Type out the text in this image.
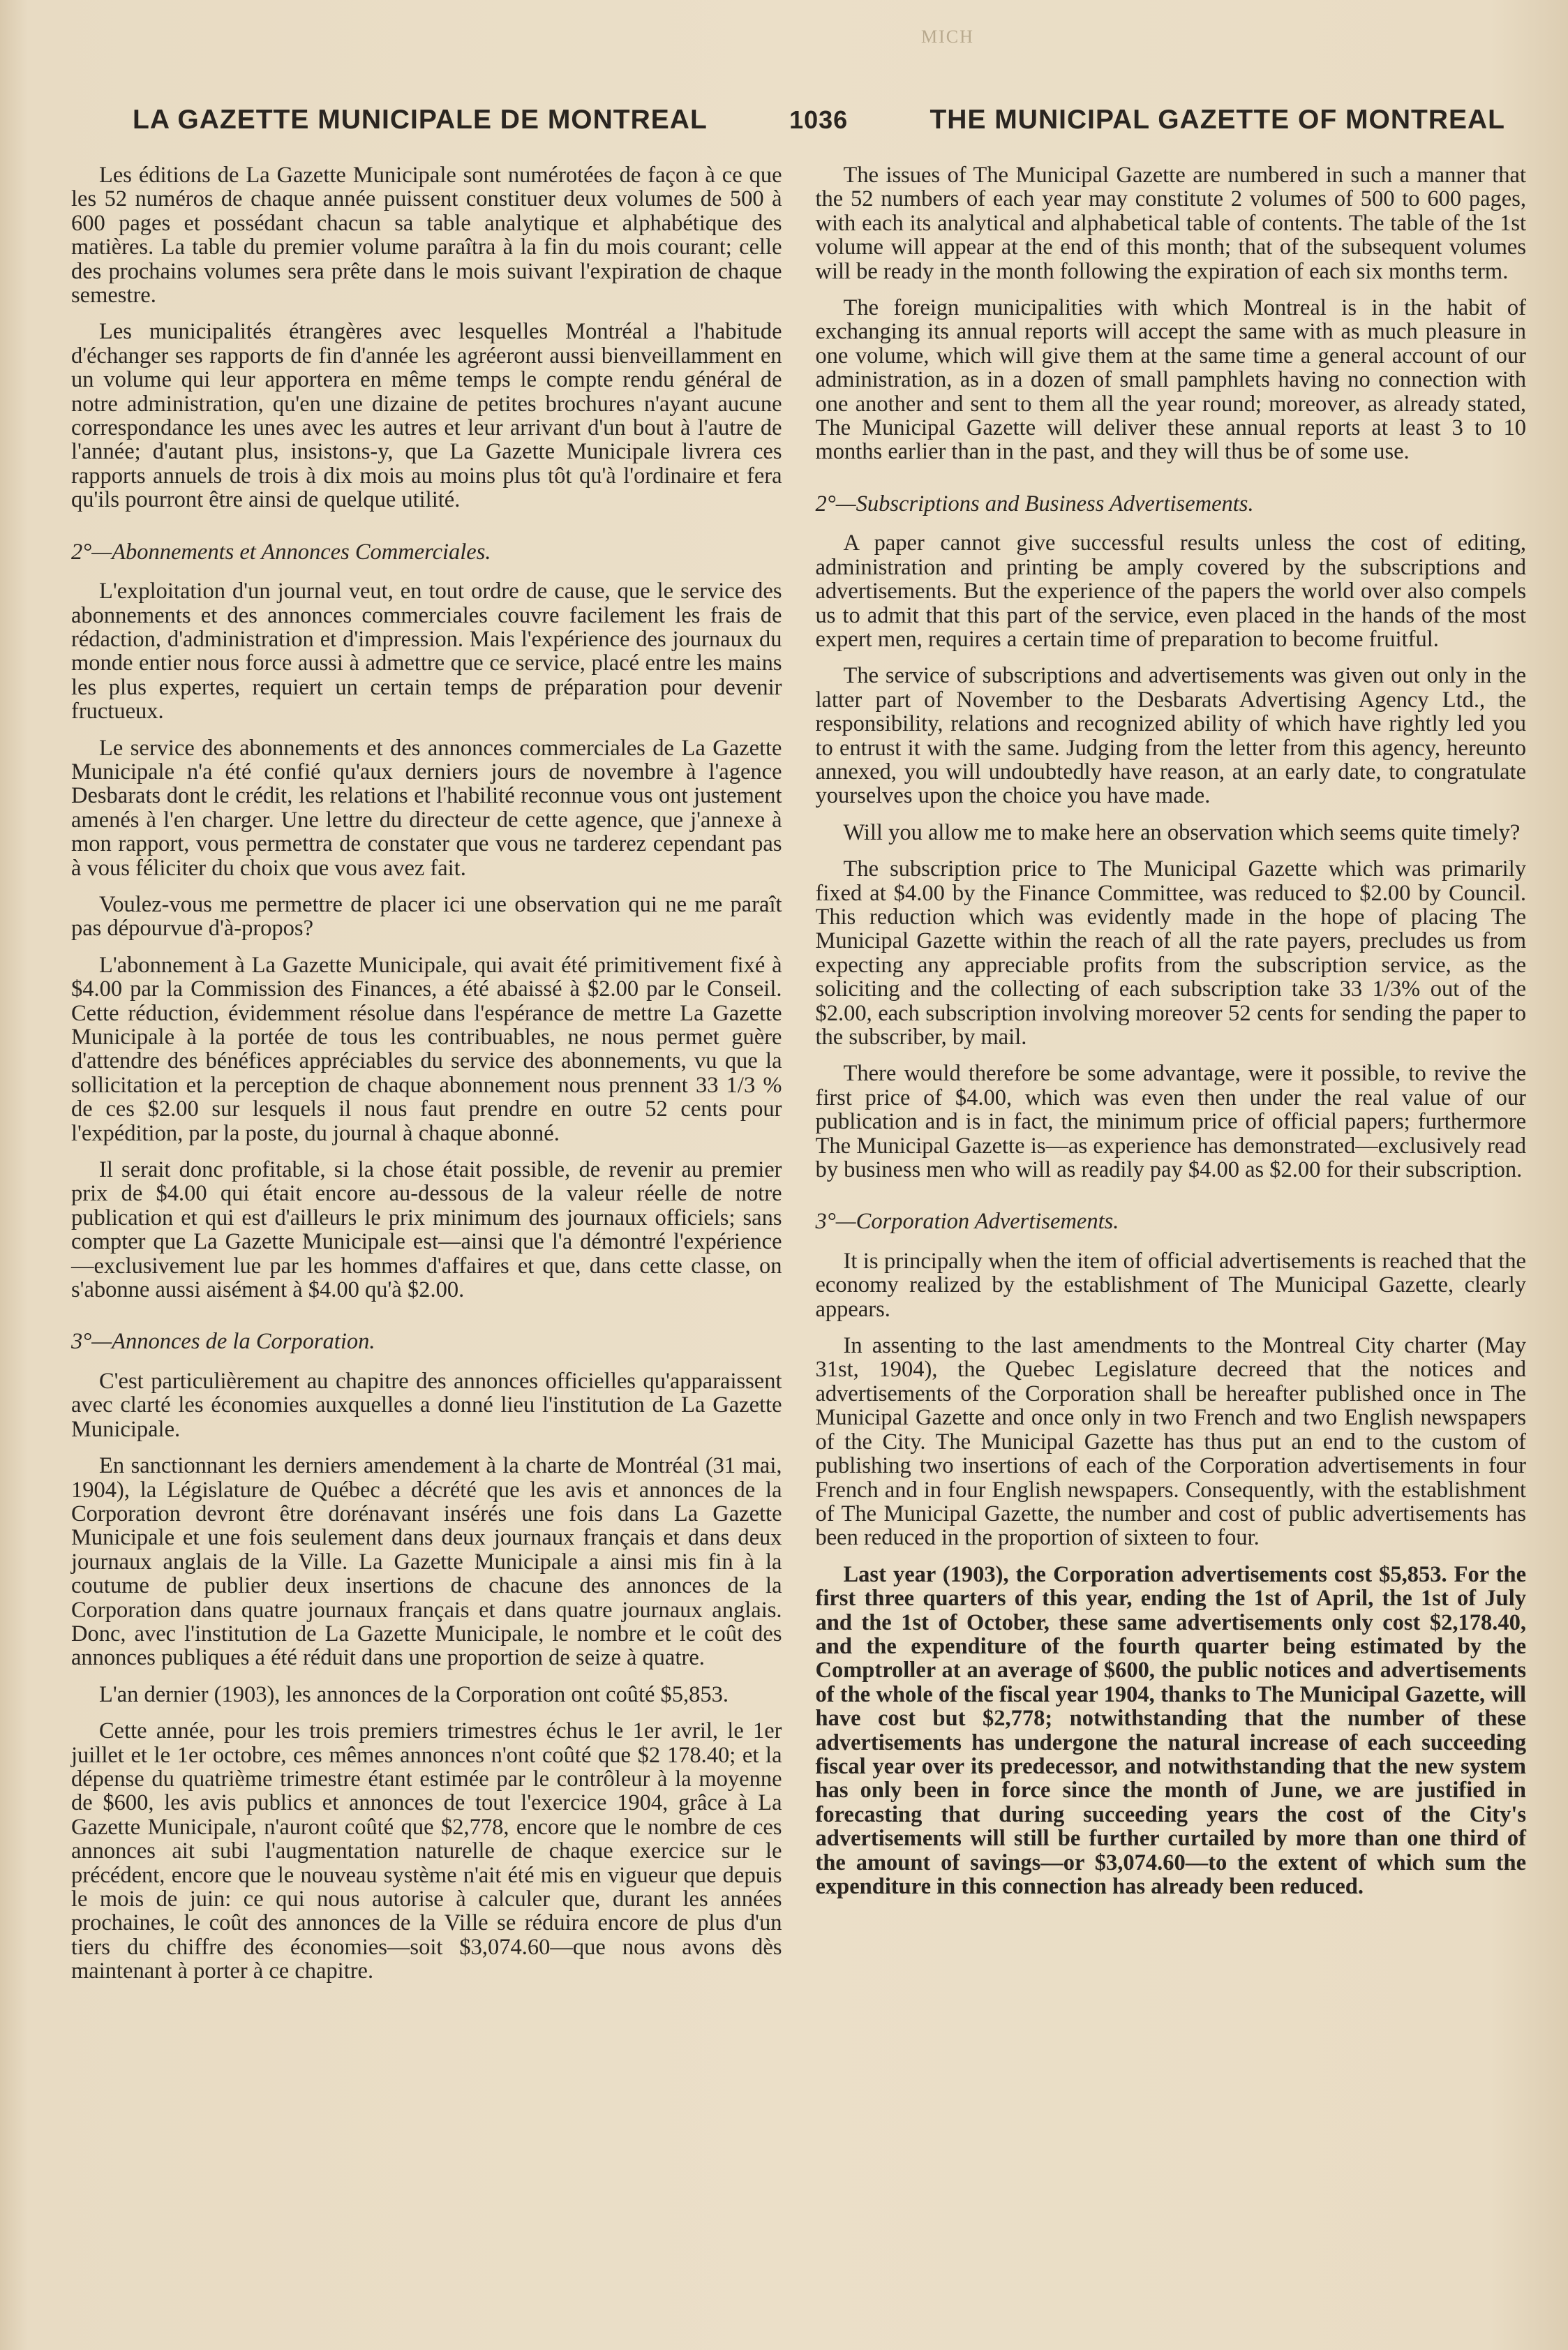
MICH
LA GAZETTE MUNICIPALE DE MONTREAL	1036	THE MUNICIPAL GAZETTE OF MONTREAL

Les éditions de La Gazette Municipale sont numérotées de façon à ce que les 52 numéros de chaque année puissent constituer deux volumes de 500 à 600 pages et possédant chacun sa table analytique et alphabétique des matières. La table du premier volume paraîtra à la fin du mois courant; celle des prochains volumes sera prête dans le mois suivant l'expiration de chaque semestre.

Les municipalités étrangères avec lesquelles Montréal a l'habitude d'échanger ses rapports de fin d'année les agréeront aussi bienveillamment en un volume qui leur apportera en même temps le compte rendu général de notre administration, qu'en une dizaine de petites brochures n'ayant aucune correspondance les unes avec les autres et leur arrivant d'un bout à l'autre de l'année; d'autant plus, insistons-y, que La Gazette Municipale livrera ces rapports annuels de trois à dix mois au moins plus tôt qu'à l'ordinaire et fera qu'ils pourront être ainsi de quelque utilité.

2°—Abonnements et Annonces Commerciales.

L'exploitation d'un journal veut, en tout ordre de cause, que le service des abonnements et des annonces commerciales couvre facilement les frais de rédaction, d'administration et d'impression. Mais l'expérience des journaux du monde entier nous force aussi à admettre que ce service, placé entre les mains les plus expertes, requiert un certain temps de préparation pour devenir fructueux.

Le service des abonnements et des annonces commerciales de La Gazette Municipale n'a été confié qu'aux derniers jours de novembre à l'agence Desbarats dont le crédit, les relations et l'habilité reconnue vous ont justement amenés à l'en charger. Une lettre du directeur de cette agence, que j'annexe à mon rapport, vous permettra de constater que vous ne tarderez cependant pas à vous féliciter du choix que vous avez fait.

Voulez-vous me permettre de placer ici une observation qui ne me paraît pas dépourvue d'à-propos?

L'abonnement à La Gazette Municipale, qui avait été primitivement fixé à $4.00 par la Commission des Finances, a été abaissé à $2.00 par le Conseil. Cette réduction, évidemment résolue dans l'espérance de mettre La Gazette Municipale à la portée de tous les contribuables, ne nous permet guère d'attendre des bénéfices appréciables du service des abonnements, vu que la sollicitation et la perception de chaque abonnement nous prennent 33 1/3 % de ces $2.00 sur lesquels il nous faut prendre en outre 52 cents pour l'expédition, par la poste, du journal à chaque abonné.

Il serait donc profitable, si la chose était possible, de revenir au premier prix de $4.00 qui était encore au-dessous de la valeur réelle de notre publication et qui est d'ailleurs le prix minimum des journaux officiels; sans compter que La Gazette Municipale est—ainsi que l'a démontré l'expérience—exclusivement lue par les hommes d'affaires et que, dans cette classe, on s'abonne aussi aisément à $4.00 qu'à $2.00.

3°—Annonces de la Corporation.

C'est particulièrement au chapitre des annonces officielles qu'apparaissent avec clarté les économies auxquelles a donné lieu l'institution de La Gazette Municipale.

En sanctionnant les derniers amendement à la charte de Montréal (31 mai, 1904), la Législature de Québec a décrété que les avis et annonces de la Corporation devront être dorénavant insérés une fois dans La Gazette Municipale et une fois seulement dans deux journaux français et dans deux journaux anglais de la Ville. La Gazette Municipale a ainsi mis fin à la coutume de publier deux insertions de chacune des annonces de la Corporation dans quatre journaux français et dans quatre journaux anglais. Donc, avec l'institution de La Gazette Municipale, le nombre et le coût des annonces publiques a été réduit dans une proportion de seize à quatre.

L'an dernier (1903), les annonces de la Corporation ont coûté $5,853.

Cette année, pour les trois premiers trimestres échus le 1er avril, le 1er juillet et le 1er octobre, ces mêmes annonces n'ont coûté que $2 178.40; et la dépense du quatrième trimestre étant estimée par le contrôleur à la moyenne de $600, les avis publics et annonces de tout l'exercice 1904, grâce à La Gazette Municipale, n'auront coûté que $2,778, encore que le nombre de ces annonces ait subi l'augmentation naturelle de chaque exercice sur le précédent, encore que le nouveau système n'ait été mis en vigueur que depuis le mois de juin: ce qui nous autorise à calculer que, durant les années prochaines, le coût des annonces de la Ville se réduira encore de plus d'un tiers du chiffre des économies—soit $3,074.60—que nous avons dès maintenant à porter à ce chapitre.

The issues of The Municipal Gazette are numbered in such a manner that the 52 numbers of each year may constitute 2 volumes of 500 to 600 pages, with each its analytical and alphabetical table of contents. The table of the 1st volume will appear at the end of this month; that of the subsequent volumes will be ready in the month following the expiration of each six months term.

The foreign municipalities with which Montreal is in the habit of exchanging its annual reports will accept the same with as much pleasure in one volume, which will give them at the same time a general account of our administration, as in a dozen of small pamphlets having no connection with one another and sent to them all the year round; moreover, as already stated, The Municipal Gazette will deliver these annual reports at least 3 to 10 months earlier than in the past, and they will thus be of some use.

2°—Subscriptions and Business Advertisements.

A paper cannot give successful results unless the cost of editing, administration and printing be amply covered by the subscriptions and advertisements. But the experience of the papers the world over also compels us to admit that this part of the service, even placed in the hands of the most expert men, requires a certain time of preparation to become fruitful.

The service of subscriptions and advertisements was given out only in the latter part of November to the Desbarats Advertising Agency Ltd., the responsibility, relations and recognized ability of which have rightly led you to entrust it with the same. Judging from the letter from this agency, hereunto annexed, you will undoubtedly have reason, at an early date, to congratulate yourselves upon the choice you have made.

Will you allow me to make here an observation which seems quite timely?

The subscription price to The Municipal Gazette which was primarily fixed at $4.00 by the Finance Committee, was reduced to $2.00 by Council. This reduction which was evidently made in the hope of placing The Municipal Gazette within the reach of all the rate payers, precludes us from expecting any appreciable profits from the subscription service, as the soliciting and the collecting of each subscription take 33 1/3% out of the $2.00, each subscription involving moreover 52 cents for sending the paper to the subscriber, by mail.

There would therefore be some advantage, were it possible, to revive the first price of $4.00, which was even then under the real value of our publication and is in fact, the minimum price of official papers; furthermore The Municipal Gazette is—as experience has demonstrated—exclusively read by business men who will as readily pay $4.00 as $2.00 for their subscription.

3°—Corporation Advertisements.

It is principally when the item of official advertisements is reached that the economy realized by the establishment of The Municipal Gazette, clearly appears.

In assenting to the last amendments to the Montreal City charter (May 31st, 1904), the Quebec Legislature decreed that the notices and advertisements of the Corporation shall be hereafter published once in The Municipal Gazette and once only in two French and two English newspapers of the City. The Municipal Gazette has thus put an end to the custom of publishing two insertions of each of the Corporation advertisements in four French and in four English newspapers. Consequently, with the establishment of The Municipal Gazette, the number and cost of public advertisements has been reduced in the proportion of sixteen to four.

Last year (1903), the Corporation advertisements cost $5,853. For the first three quarters of this year, ending the 1st of April, the 1st of July and the 1st of October, these same advertisements only cost $2,178.40, and the expenditure of the fourth quarter being estimated by the Comptroller at an average of $600, the public notices and advertisements of the whole of the fiscal year 1904, thanks to The Municipal Gazette, will have cost but $2,778; notwithstanding that the number of these advertisements has undergone the natural increase of each succeeding fiscal year over its predecessor, and notwithstanding that the new system has only been in force since the month of June, we are justified in forecasting that during succeeding years the cost of the City's advertisements will still be further curtailed by more than one third of the amount of savings—or $3,074.60—to the extent of which sum the expenditure in this connection has already been reduced.
